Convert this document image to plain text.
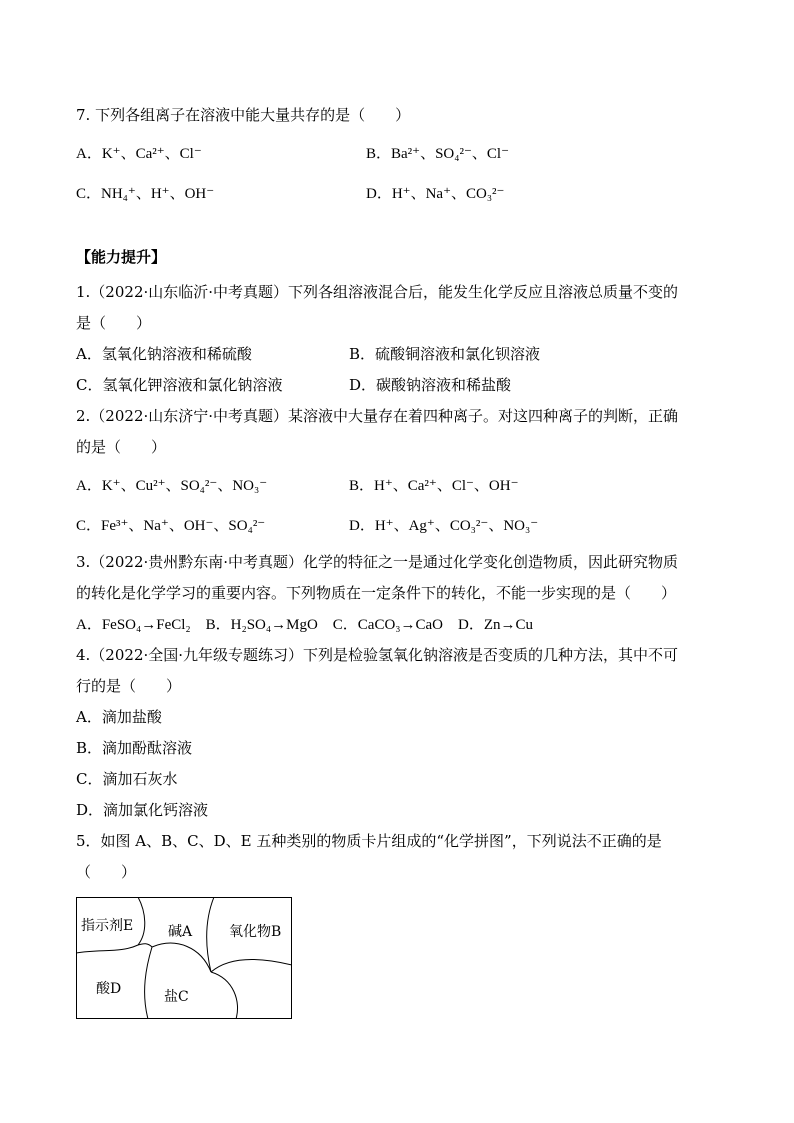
7. 下列各组离子在溶液中能大量共存的是（　　）
A．K⁺、Ca²⁺、Cl⁻	B．Ba²⁺、SO₄²⁻、Cl⁻
C．NH₄⁺、H⁺、OH⁻	D．H⁺、Na⁺、CO₃²⁻
【能力提升】
1.（2022·山东临沂·中考真题）下列各组溶液混合后，能发生化学反应且溶液总质量不变的
是（　　）
A．氢氧化钠溶液和稀硫酸	B．硫酸铜溶液和氯化钡溶液
C．氢氧化钾溶液和氯化钠溶液	D．碳酸钠溶液和稀盐酸
2.（2022·山东济宁·中考真题）某溶液中大量存在着四种离子。对这四种离子的判断，正确
的是（　　）
A．K⁺、Cu²⁺、SO₄²⁻、NO₃⁻	B．H⁺、Ca²⁺、Cl⁻、OH⁻
C．Fe³⁺、Na⁺、OH⁻、SO₄²⁻	D．H⁺、Ag⁺、CO₃²⁻、NO₃⁻
3.（2022·贵州黔东南·中考真题）化学的特征之一是通过化学变化创造物质，因此研究物质
的转化是化学学习的重要内容。下列物质在一定条件下的转化，不能一步实现的是（　　）
A．FeSO₄→FeCl₂　B．H₂SO₄→MgO　C．CaCO₃→CaO　D．Zn→Cu
4.（2022·全国·九年级专题练习）下列是检验氢氧化钠溶液是否变质的几种方法，其中不可
行的是（　　）
A．滴加盐酸
B．滴加酚酞溶液
C．滴加石灰水
D．滴加氯化钙溶液
5．如图 A、B、C、D、E 五种类别的物质卡片组成的“化学拼图”，下列说法不正确的是
（　　）
指示剂E 碱A	氧化物B
酸D	盐C
